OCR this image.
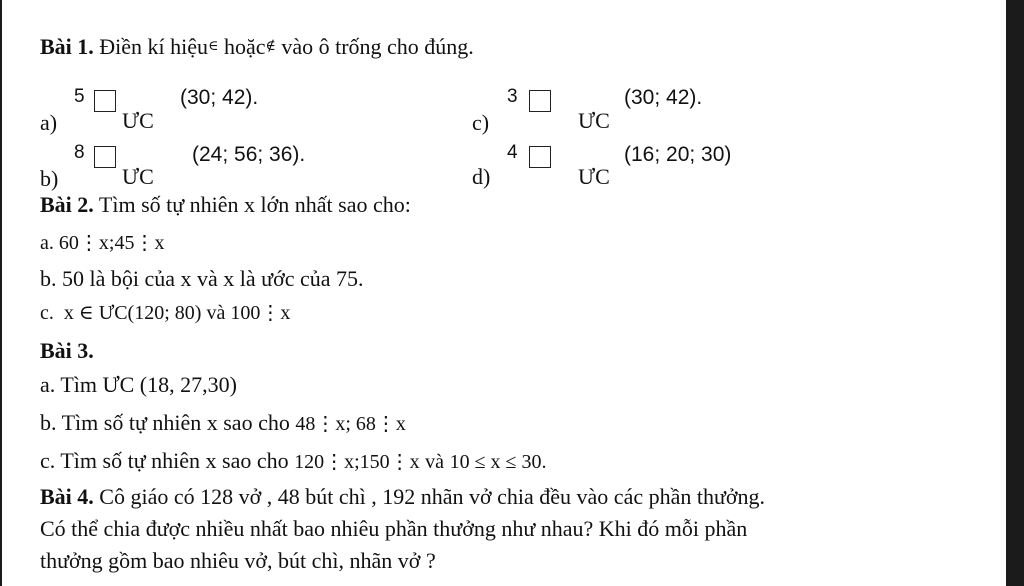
Bài 1. Điền kí hiệu∈ hoặc∉ vào ô trống cho đúng.
a)
5
ƯC
(30; 42).
b)
8
ƯC
(24; 56; 36).
c)
3
ƯC
(30; 42).
d)
4
ƯC
(16; 20; 30)
Bài 2. Tìm số tự nhiên x lớn nhất sao cho:
a. 60⋮x;45⋮x
b. 50 là bội của x và x là ước của 75.
c. x ∈ ƯC(120; 80) và 100⋮x
Bài 3.
a. Tìm ƯC (18, 27,30)
b. Tìm số tự nhiên x sao cho 48⋮x; 68⋮x
c. Tìm số tự nhiên x sao cho 120⋮x;150⋮x và 10 ≤ x ≤ 30.
Bài 4. Cô giáo có 128 vở , 48 bút chì , 192 nhãn vở chia đều vào các phần thưởng.
Có thể chia được nhiều nhất bao nhiêu phần thưởng như nhau? Khi đó mỗi phần
thưởng gồm bao nhiêu vở, bút chì, nhãn vở ?
